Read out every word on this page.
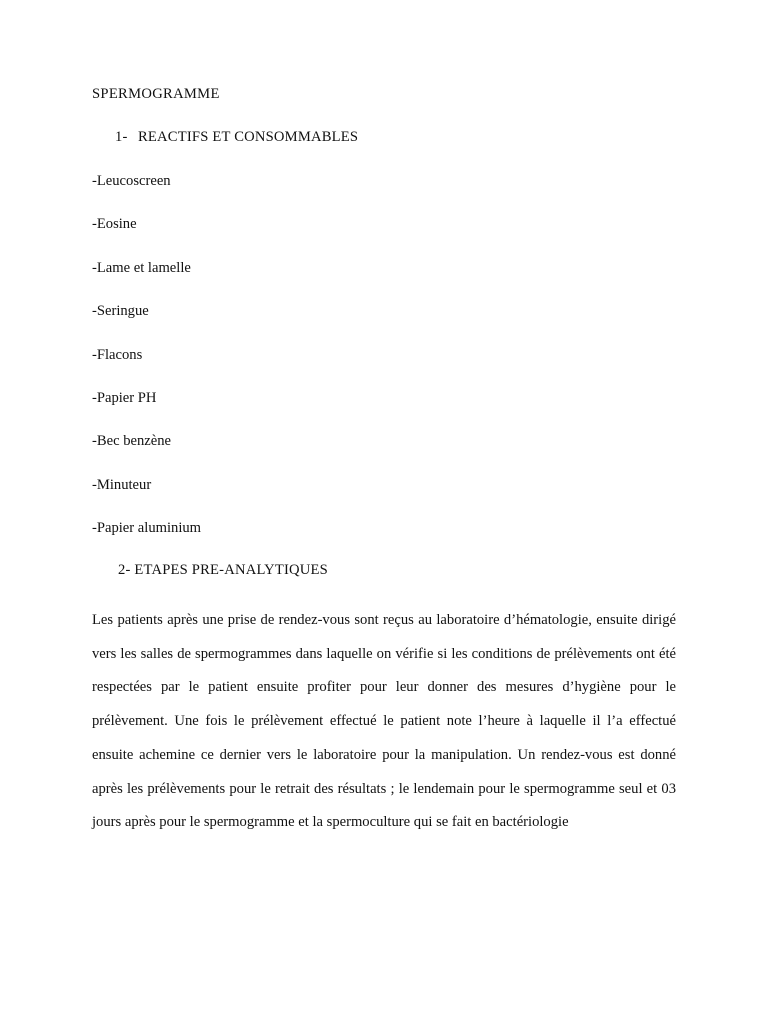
SPERMOGRAMME
1- REACTIFS ET CONSOMMABLES
-Leucoscreen
-Eosine
-Lame et lamelle
-Seringue
-Flacons
-Papier PH
-Bec benzène
-Minuteur
-Papier aluminium
2- ETAPES PRE-ANALYTIQUES

Les patients après une prise de rendez-vous sont reçus au laboratoire d’hématologie, ensuite dirigé vers les salles de spermogrammes dans laquelle on vérifie si les conditions de prélèvements ont été respectées par le patient ensuite profiter pour leur donner des mesures d’hygiène pour le prélèvement. Une fois le prélèvement effectué le patient note l’heure à laquelle il l’a effectué ensuite achemine ce dernier vers le laboratoire pour la manipulation. Un rendez-vous est donné après les prélèvements pour le retrait des résultats ; le lendemain pour le spermogramme seul et 03 jours après pour le spermogramme et la spermoculture qui se fait en bactériologie
